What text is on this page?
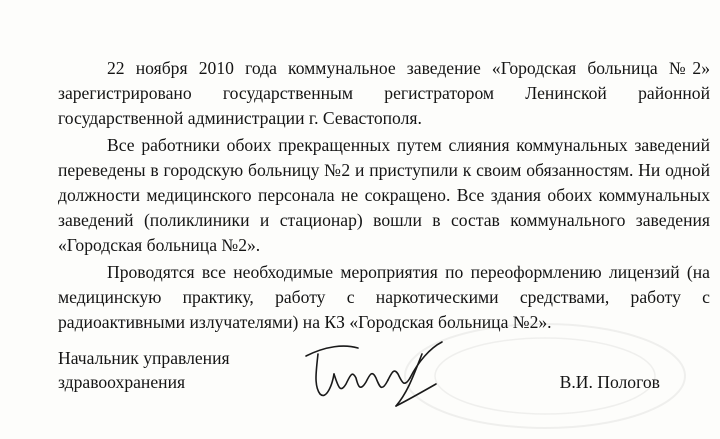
22 ноября 2010 года коммунальное заведение «Городская больница №2» зарегистрировано государственным регистратором Ленинской районной государственной администрации г. Севастополя.

Все работники обоих прекращенных путем слияния коммунальных заведений переведены в городскую больницу №2 и приступили к своим обязанностям. Ни одной должности медицинского персонала не сокращено. Все здания обоих коммунальных заведений (поликлиники и стационар) вошли в состав коммунального заведения «Городская больница №2».

Проводятся все необходимые мероприятия по переоформлению лицензий (на медицинскую практику, работу с наркотическими средствами, работу с радиоактивными излучателями) на КЗ «Городская больница №2».

Начальник управления
здравоохранения	В.И. Пологов
